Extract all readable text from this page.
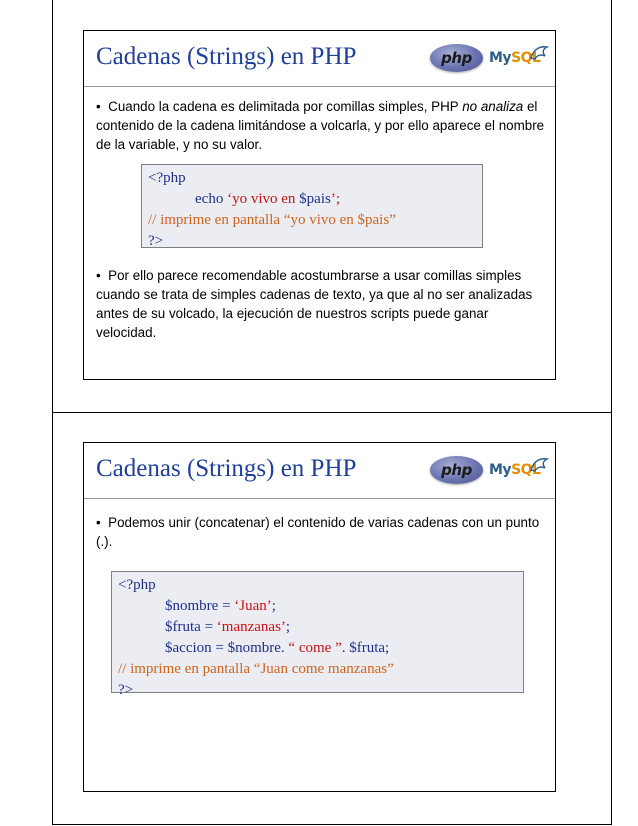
Cadenas (Strings) en PHP	php MySQL
• Cuando la cadena es delimitada por comillas simples, PHP no analiza el contenido de la cadena limitándose a volcarla, y por ello aparece el nombre de la variable, y no su valor.
<?php
echo ‘yo vivo en $pais’;
// imprime en pantalla “yo vivo en $pais”
?>
• Por ello parece recomendable acostumbrarse a usar comillas simples cuando se trata de simples cadenas de texto, ya que al no ser analizadas antes de su volcado, la ejecución de nuestros scripts puede ganar velocidad.
Cadenas (Strings) en PHP	php MySQL
• Podemos unir (concatenar) el contenido de varias cadenas con un punto (.).
<?php
$nombre = ‘Juan’;
$fruta = ‘manzanas’;
$accion = $nombre. “ come ”. $fruta;
// imprime en pantalla “Juan come manzanas”
?>
